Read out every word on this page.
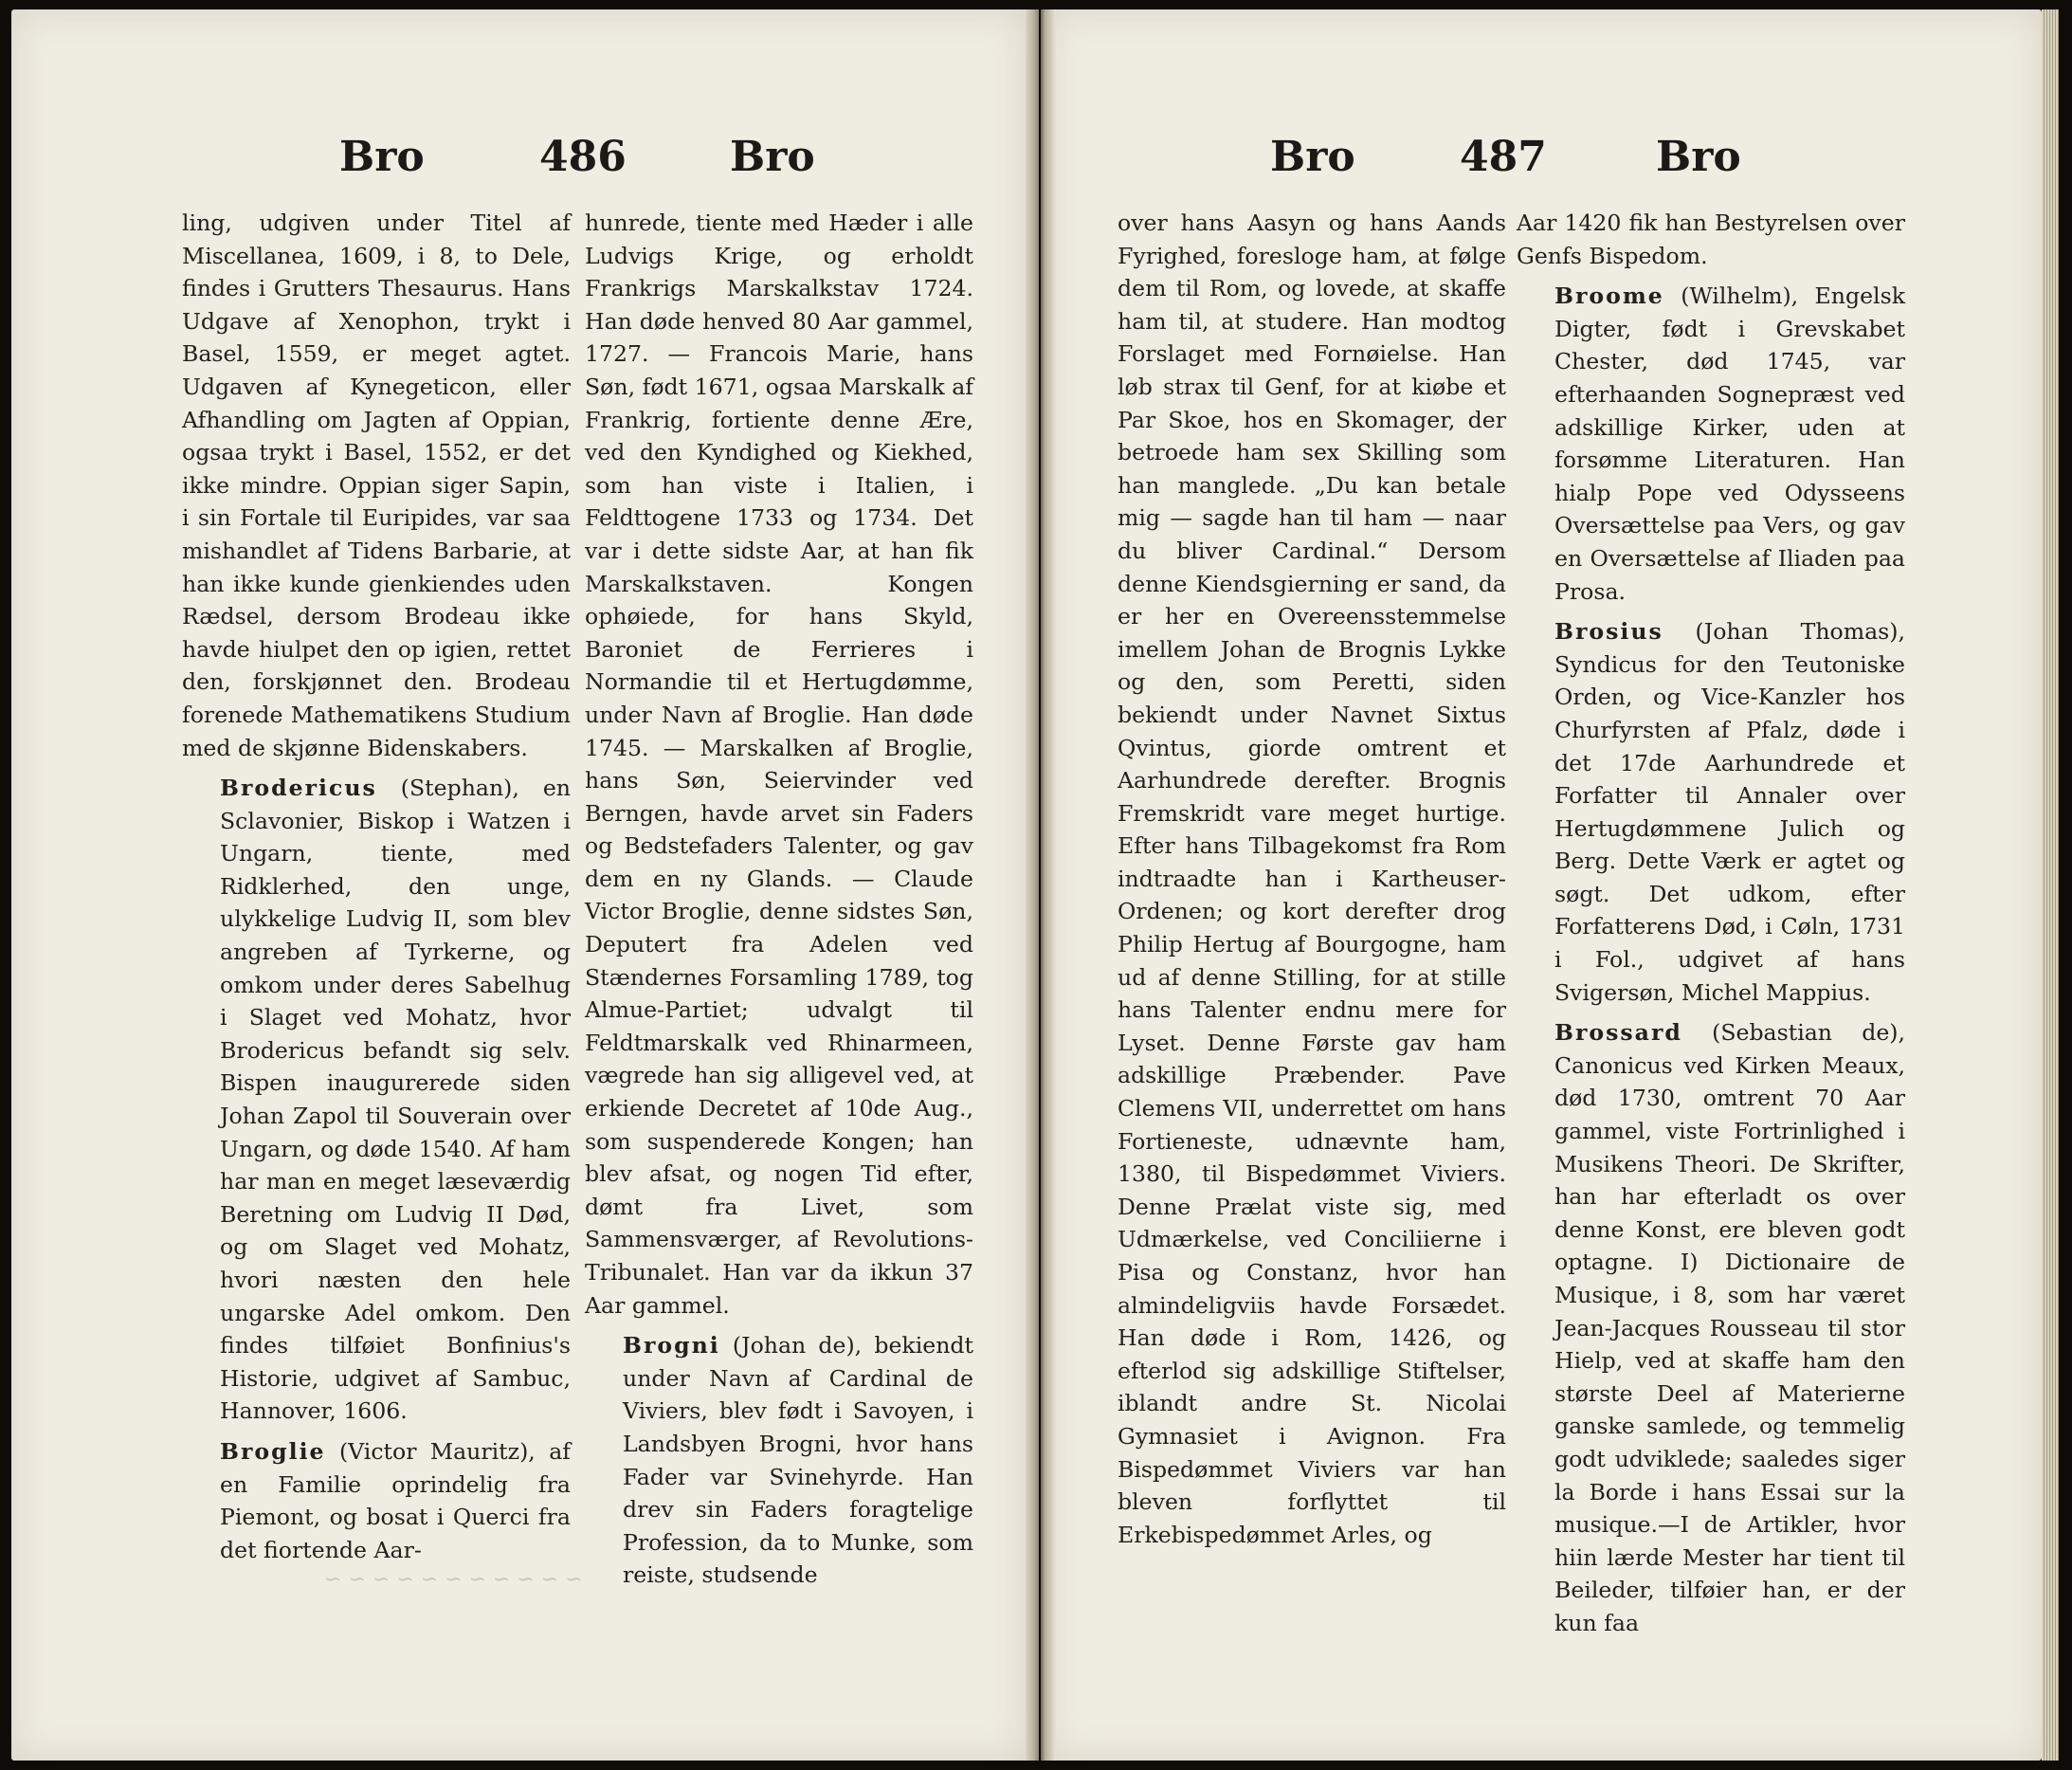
Bro	486 Bro

ling, udgiven under Titel af Miscellanea, 1609, i 8, to Dele, findes i Grutters Thesaurus. Hans Udgave af Xenophon, trykt i Basel, 1559, er meget agtet. Udgaven af Kynegeticon, eller Afhandling om Jagten af Oppian, ogsaa trykt i Basel, 1552, er det ikke mindre. Oppian siger Sapin, i sin Fortale til Euripides, var saa mishandlet af Tidens Barbarie, at han ikke kunde gienkiendes uden Rædsel, dersom Brodeau ikke havde hiulpet den op igien, rettet den, forskjønnet den. Brodeau forenede Mathematikens Studium med de skjønne Bidenskabers.

Brodericus (Stephan), en Sclavonier, Biskop i Watzen i Ungarn, tiente, med Ridklerhed, den unge, ulykkelige Ludvig II, som blev angreben af Tyrkerne, og omkom under deres Sabelhug i Slaget ved Mohatz, hvor Brodericus befandt sig selv. Bispen inaugurerede siden Johan Zapol til Souverain over Ungarn, og døde 1540. Af ham har man en meget læseværdig Beretning om Ludvig II Død, og om Slaget ved Mohatz, hvori næsten den hele ungarske Adel omkom. Den findes tilføiet Bonfinius's Historie, udgivet af Sambuc, Hannover, 1606.

Broglie (Victor Mauritz), af en Familie oprindelig fra Piemont, og bosat i Querci fra det fiortende Aar-

hunrede, tiente med Hæder i alle Ludvigs Krige, og erholdt Frankrigs Marskalkstav 1724. Han døde henved 80 Aar gammel, 1727. — Francois Marie, hans Søn, født 1671, ogsaa Marskalk af Frankrig, fortiente denne Ære, ved den Kyndighed og Kiekhed, som han viste i Italien, i Feldttogene 1733 og 1734. Det var i dette sidste Aar, at han fik Marskalkstaven. Kongen ophøiede, for hans Skyld, Baroniet de Ferrieres i Normandie til et Hertugdømme, under Navn af Broglie. Han døde 1745. — Marskalken af Broglie, hans Søn, Seiervinder ved Berngen, havde arvet sin Faders og Bedstefaders Talenter, og gav dem en ny Glands. — Claude Victor Broglie, denne sidstes Søn, Deputert fra Adelen ved Stændernes Forsamling 1789, tog Almue-Partiet; udvalgt til Feldtmarskalk ved Rhinarmeen, vægrede han sig alligevel ved, at erkiende Decretet af 10de Aug., som suspenderede Kongen; han blev afsat, og nogen Tid efter, dømt fra Livet, som Sammensværger, af Revolutions-Tribunalet. Han var da ikkun 37 Aar gammel.

Brogni (Johan de), bekiendt under Navn af Cardinal de Viviers, blev født i Savoyen, i Landsbyen Brogni, hvor hans Fader var Svinehyrde. Han drev sin Faders foragtelige Profession, da to Munke, som reiste, studsende

~ ~ ~ ~ ~ ~ ~ ~ ~ ~ ~
Bro	487	Bro

over hans Aasyn og hans Aands Fyrighed, foresloge ham, at følge dem til Rom, og lovede, at skaffe ham til, at studere. Han modtog Forslaget med Fornøielse. Han løb strax til Genf, for at kiøbe et Par Skoe, hos en Skomager, der betroede ham sex Skilling som han manglede. „Du kan betale mig — sagde han til ham — naar du bliver Cardinal.“ Dersom denne Kiendsgierning er sand, da er her en Overeensstemmelse imellem Johan de Brognis Lykke og den, som Peretti, siden bekiendt under Navnet Sixtus Qvintus, giorde omtrent et Aarhundrede derefter. Brognis Fremskridt vare meget hurtige. Efter hans Tilbagekomst fra Rom indtraadte han i Kartheuser-Ordenen; og kort derefter drog Philip Hertug af Bourgogne, ham ud af denne Stilling, for at stille hans Talenter endnu mere for Lyset. Denne Første gav ham adskillige Præbender. Pave Clemens VII, underrettet om hans Fortieneste, udnævnte ham, 1380, til Bispedømmet Viviers. Denne Prælat viste sig, med Udmærkelse, ved Conciliierne i Pisa og Constanz, hvor han almindeligviis havde Forsædet. Han døde i Rom, 1426, og efterlod sig adskillige Stiftelser, iblandt andre St. Nicolai Gymnasiet i Avignon. Fra Bispedømmet Viviers var han bleven forflyttet til Erkebispedømmet Arles, og

Aar 1420 fik han Bestyrelsen over Genfs Bispedom.

Broome (Wilhelm), Engelsk Digter, født i Grevskabet Chester, død 1745, var efterhaanden Sognepræst ved adskillige Kirker, uden at forsømme Literaturen. Han hialp Pope ved Odysseens Oversættelse paa Vers, og gav en Oversættelse af Iliaden paa Prosa.

Brosius (Johan Thomas), Syndicus for den Teutoniske Orden, og Vice-Kanzler hos Churfyrsten af Pfalz, døde i det 17de Aarhundrede et Forfatter til Annaler over Hertugdømmene Julich og Berg. Dette Værk er agtet og søgt. Det udkom, efter Forfatterens Død, i Cøln, 1731 i Fol., udgivet af hans Svigersøn, Michel Mappius.

Brossard (Sebastian de), Canonicus ved Kirken Meaux, død 1730, omtrent 70 Aar gammel, viste Fortrinlighed i Musikens Theori. De Skrifter, han har efterladt os over denne Konst, ere bleven godt optagne. I) Dictionaire de Musique, i 8, som har været Jean-Jacques Rousseau til stor Hielp, ved at skaffe ham den største Deel af Materierne ganske samlede, og temmelig godt udviklede; saaledes siger la Borde i hans Essai sur la musique.—I de Artikler, hvor hiin lærde Mester har tient til Beileder, tilføier han, er der kun faa
